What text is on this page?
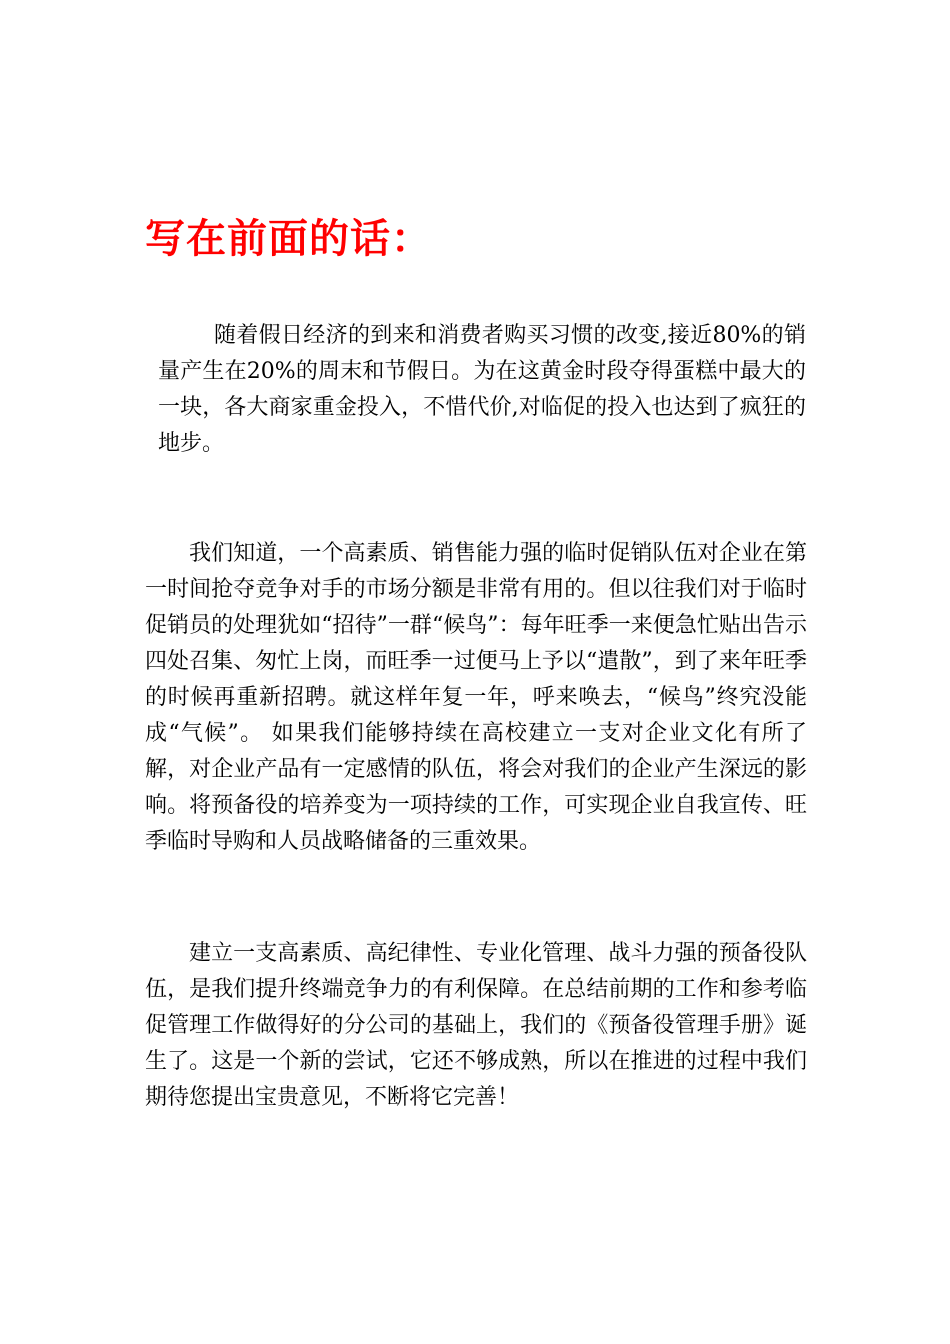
写在前面的话：

随着假日经济的到来和消费者购买习惯的改变,接近80%的销量产生在20%的周末和节假日。为在这黄金时段夺得蛋糕中最大的一块，各大商家重金投入，不惜代价,对临促的投入也达到了疯狂的地步。

我们知道，一个高素质、销售能力强的临时促销队伍对企业在第一时间抢夺竞争对手的市场分额是非常有用的。但以往我们对于临时促销员的处理犹如“招待”一群“候鸟”：每年旺季一来便急忙贴出告示四处召集、匆忙上岗，而旺季一过便马上予以“遣散”，到了来年旺季的时候再重新招聘。就这样年复一年，呼来唤去，“候鸟”终究没能成“气候”。 如果我们能够持续在高校建立一支对企业文化有所了解，对企业产品有一定感情的队伍，将会对我们的企业产生深远的影响。将预备役的培养变为一项持续的工作，可实现企业自我宣传、旺季临时导购和人员战略储备的三重效果。

建立一支高素质、高纪律性、专业化管理、战斗力强的预备役队伍，是我们提升终端竞争力的有利保障。在总结前期的工作和参考临促管理工作做得好的分公司的基础上，我们的《预备役管理手册》诞生了。这是一个新的尝试，它还不够成熟，所以在推进的过程中我们期待您提出宝贵意见，不断将它完善！
